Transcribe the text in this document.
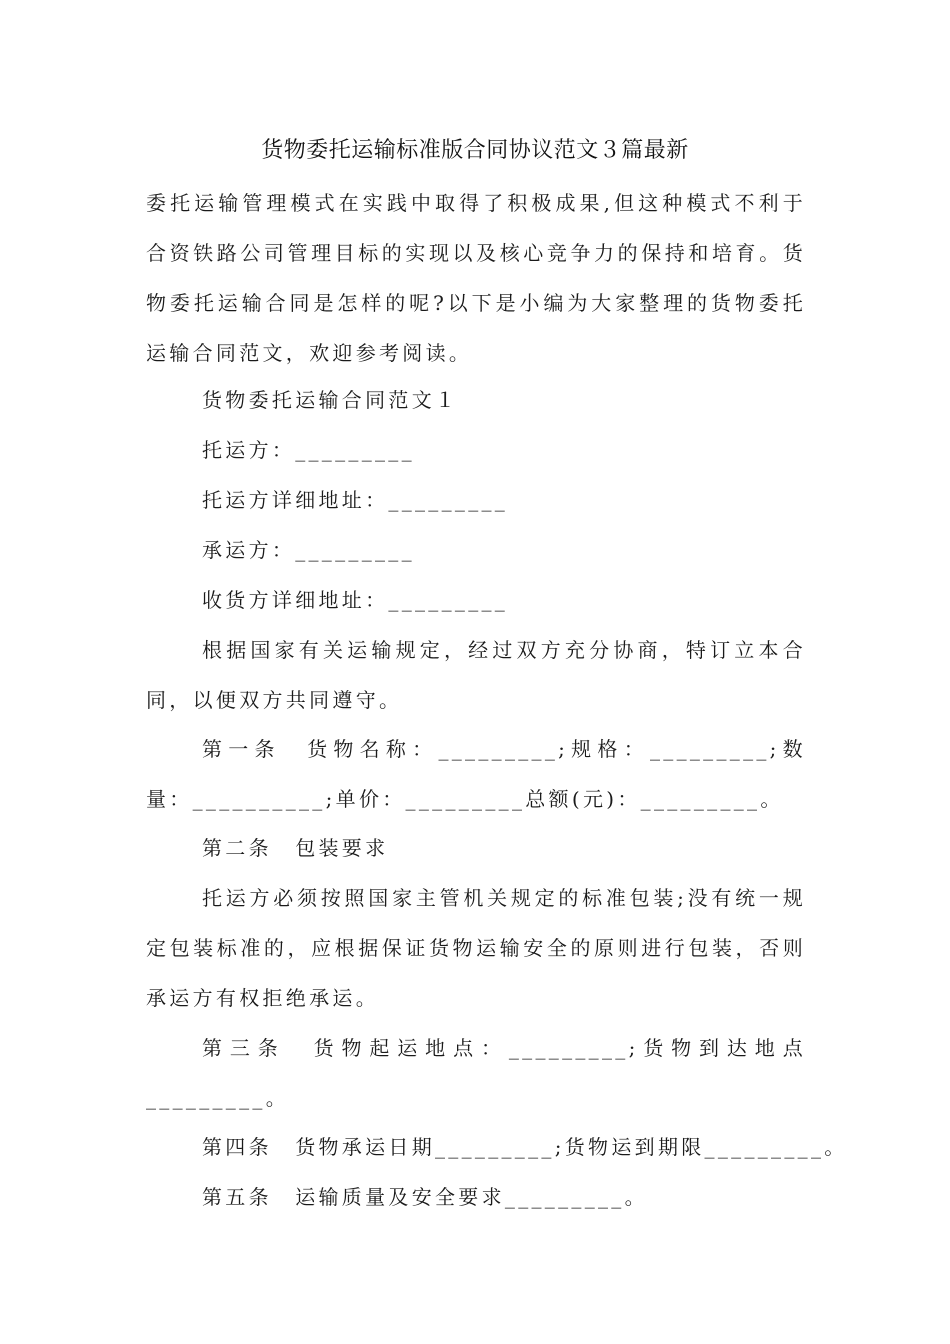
货物委托运输标准版合同协议范文３篇最新
委托运输管理模式在实践中取得了积极成果,但这种模式不利于合资铁路公司管理目标的实现以及核心竞争力的保持和培育。货物委托运输合同是怎样的呢?以下是小编为大家整理的货物委托运输合同范文，欢迎参考阅读。
货物委托运输合同范文１
托运方：_________
托运方详细地址：_________
承运方：_________
收货方详细地址：_________
根据国家有关运输规定，经过双方充分协商，特订立本合同，以便双方共同遵守。
第一条　货物名称：_________;规格：_________;数量：__________;单价：_________总额(元)：_________。
第二条　包装要求
托运方必须按照国家主管机关规定的标准包装;没有统一规定包装标准的，应根据保证货物运输安全的原则进行包装，否则承运方有权拒绝承运。
第三条　货物起运地点：_________;货物到达地点_________。
第四条　货物承运日期_________;货物运到期限_________。
第五条　运输质量及安全要求_________。
